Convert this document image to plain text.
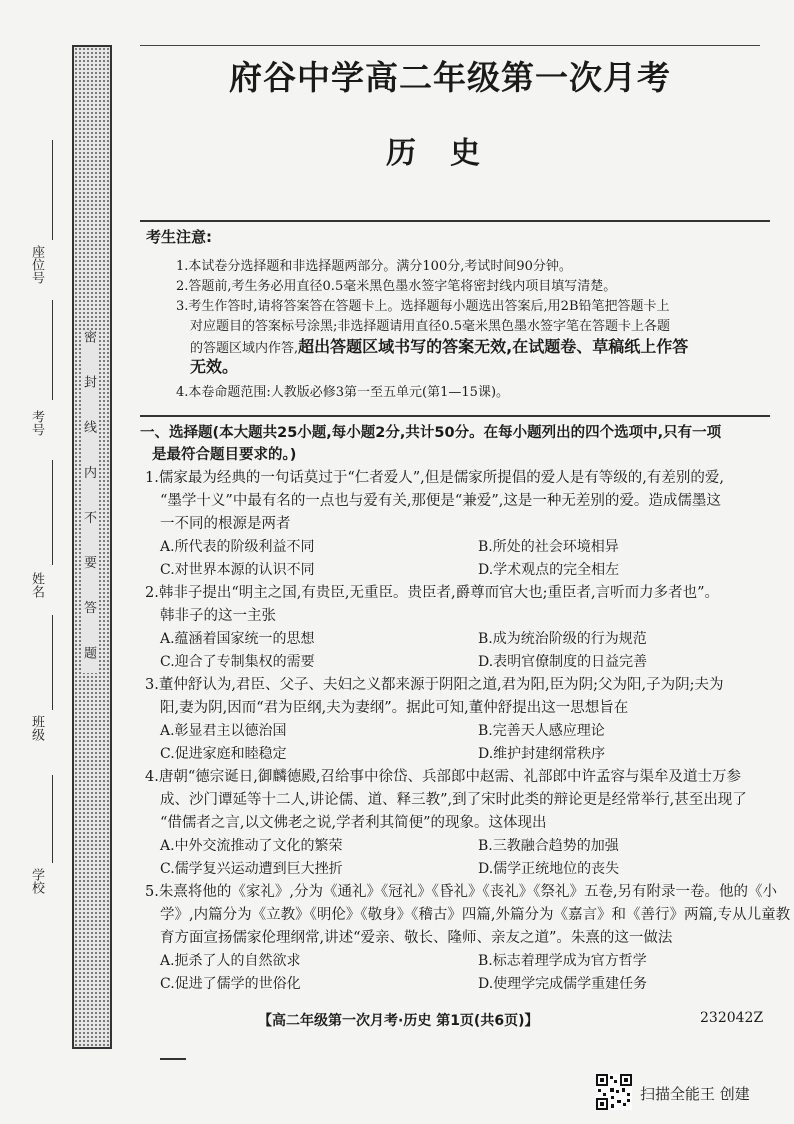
密 封 线 内 不 要 答 题
座位号
考号
姓名
班级
学校
府谷中学高二年级第一次月考
历史
考生注意:
1.本试卷分选择题和非选择题两部分。满分100分,考试时间90分钟。
2.答题前,考生务必用直径0.5毫米黑色墨水签字笔将密封线内项目填写清楚。
3.考生作答时,请将答案答在答题卡上。选择题每小题选出答案后,用2B铅笔把答题卡上
对应题目的答案标号涂黑;非选择题请用直径0.5毫米黑色墨水签字笔在答题卡上各题
的答题区域内作答,超出答题区域书写的答案无效,在试题卷、草稿纸上作答
无效。
4.本卷命题范围:人教版必修3第一至五单元(第1—15课)。
一、选择题(本大题共25小题,每小题2分,共计50分。在每小题列出的四个选项中,只有一项
是最符合题目要求的。)
1.儒家最为经典的一句话莫过于“仁者爱人”,但是儒家所提倡的爱人是有等级的,有差别的爱,
“墨学十义”中最有名的一点也与爱有关,那便是“兼爱”,这是一种无差别的爱。造成儒墨这
一不同的根源是两者
A.所代表的阶级利益不同	B.所处的社会环境相异
C.对世界本源的认识不同	D.学术观点的完全相左
2.韩非子提出“明主之国,有贵臣,无重臣。贵臣者,爵尊而官大也;重臣者,言听而力多者也”。
韩非子的这一主张
A.蕴涵着国家统一的思想	B.成为统治阶级的行为规范
C.迎合了专制集权的需要	D.表明官僚制度的日益完善
3.董仲舒认为,君臣、父子、夫妇之义都来源于阴阳之道,君为阳,臣为阴;父为阳,子为阴;夫为
阳,妻为阴,因而“君为臣纲,夫为妻纲”。据此可知,董仲舒提出这一思想旨在
A.彰显君主以德治国	B.完善天人感应理论
C.促进家庭和睦稳定	D.维护封建纲常秩序
4.唐朝“德宗诞日,御麟德殿,召给事中徐岱、兵部郎中赵需、礼部郎中许孟容与渠牟及道士万参
成、沙门谭延等十二人,讲论儒、道、释三教”,到了宋时此类的辩论更是经常举行,甚至出现了
“借儒者之言,以文佛老之说,学者利其简便”的现象。这体现出
A.中外交流推动了文化的繁荣	B.三教融合趋势的加强
C.儒学复兴运动遭到巨大挫折	D.儒学正统地位的丧失
5.朱熹将他的《家礼》,分为《通礼》《冠礼》《昏礼》《丧礼》《祭礼》五卷,另有附录一卷。他的《小
学》,内篇分为《立教》《明伦》《敬身》《稽古》四篇,外篇分为《嘉言》和《善行》两篇,专从儿童教
育方面宣扬儒家伦理纲常,讲述“爱亲、敬长、隆师、亲友之道”。朱熹的这一做法
A.扼杀了人的自然欲求	B.标志着理学成为官方哲学
C.促进了儒学的世俗化	D.使理学完成儒学重建任务
【高二年级第一次月考·历史 第1页(共6页)】	232042Z
扫描全能王 创建
